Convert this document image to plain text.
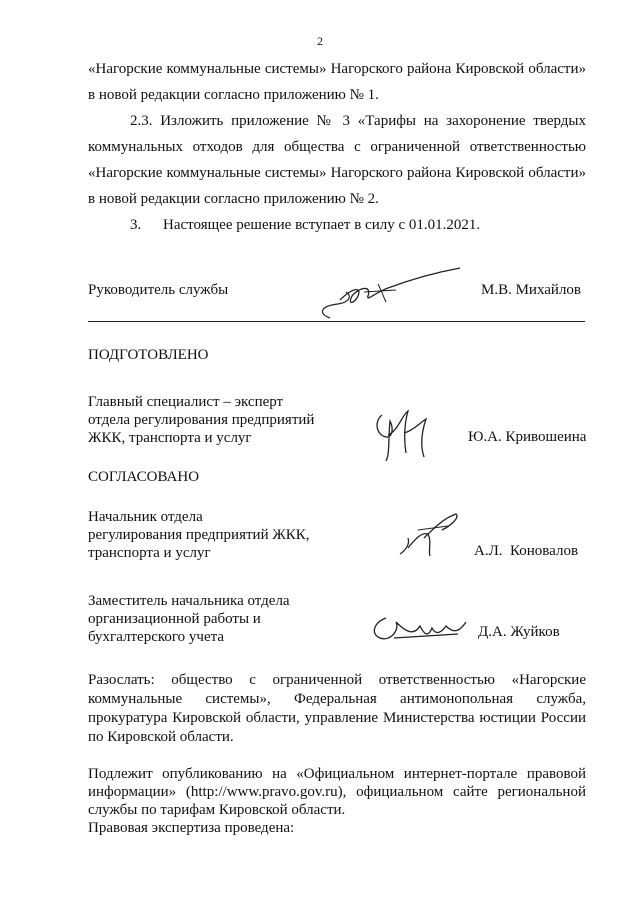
2
«Нагорские коммунальные системы» Нагорского района Кировской области»
в новой редакции согласно приложению № 1.
2.3. Изложить приложение № 3 «Тарифы на захоронение твердых
коммунальных отходов для общества с ограниченной ответственностью
«Нагорские коммунальные системы» Нагорского района Кировской области»
в новой редакции согласно приложению № 2.
3.	Настоящее решение вступает в силу с 01.01.2021.
Руководитель службы	М.В. Михайлов
ПОДГОТОВЛЕНО
Главный специалист – эксперт
отдела регулирования предприятий
ЖКК, транспорта и услуг	Ю.А. Кривошеина
СОГЛАСОВАНО
Начальник отдела
регулирования предприятий ЖКК,
транспорта и услуг	А.Л.  Коновалов
Заместитель начальника отдела
организационной работы и
бухгалтерского учета	Д.А. Жуйков
Разослать: общество с ограниченной ответственностью «Нагорские
коммунальные системы», Федеральная антимонопольная служба,
прокуратура Кировской области, управление Министерства юстиции России
по Кировской области.
Подлежит опубликованию на «Официальном интернет-портале правовой
информации» (http://www.pravo.gov.ru), официальном сайте региональной
службы по тарифам Кировской области.
Правовая экспертиза проведена:
